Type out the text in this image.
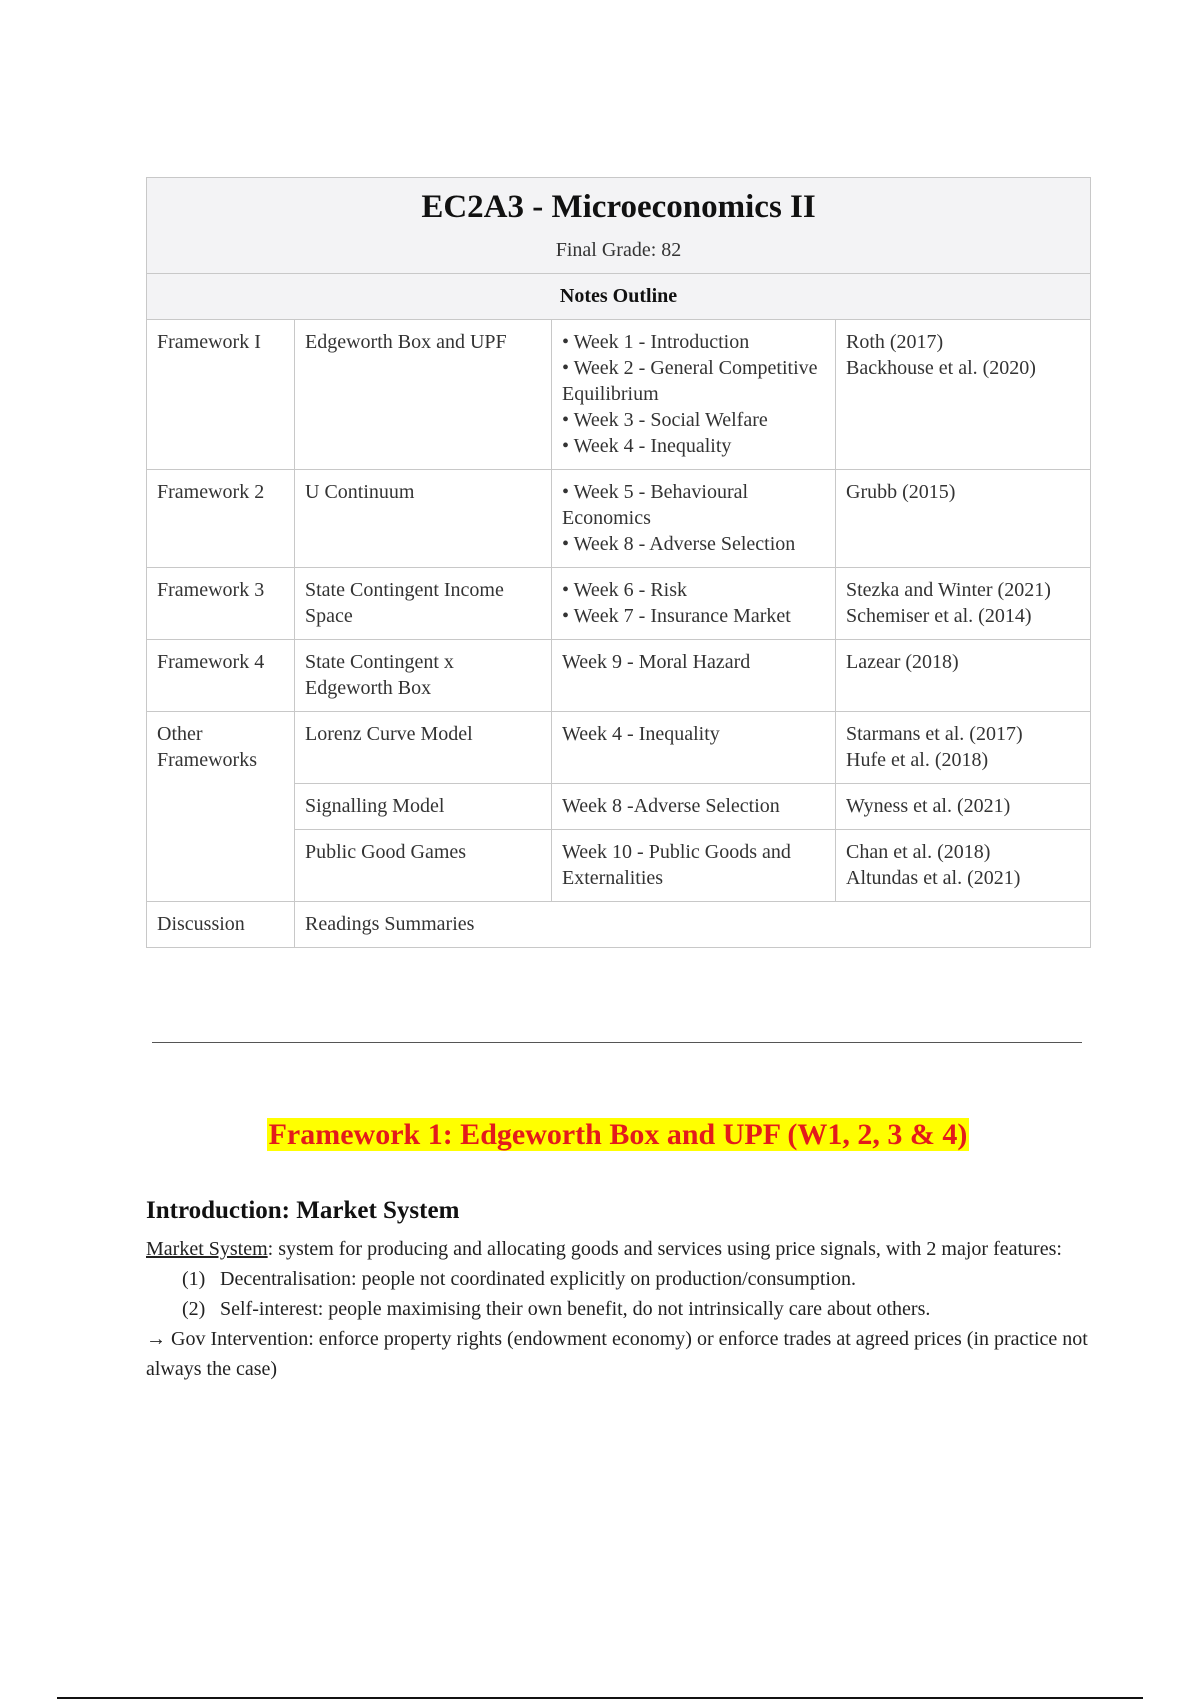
EC2A3 - Microeconomics II
Final Grade: 82			

Notes Outline			
Framework I	Edgeworth Box and UPF	• Week 1 - Introduction
• Week 2 - General Competitive Equilibrium
• Week 3 - Social Welfare
• Week 4 - Inequality	Roth (2017)
Backhouse et al. (2020)

Framework 2	U Continuum	• Week 5 - Behavioural Economics
• Week 8 - Adverse Selection	Grubb (2015)

Framework 3	State Contingent Income Space	• Week 6 - Risk
• Week 7 - Insurance Market	Stezka and Winter (2021)
Schemiser et al. (2014)

Framework 4	State Contingent x Edgeworth Box	Week 9 - Moral Hazard	Lazear (2018)

Other Frameworks	Lorenz Curve Model	Week 4 - Inequality	Starmans et al. (2017)
Hufe et al. (2018)

	Signalling Model	Week 8 -Adverse Selection	Wyness et al. (2021)

	Public Good Games	Week 10 - Public Goods and Externalities	Chan et al. (2018)
Altundas et al. (2021)

Discussion	Readings Summaries		
Framework 1: Edgeworth Box and UPF (W1, 2, 3 & 4)
Introduction: Market System
Market System: system for producing and allocating goods and services using price signals, with 2 major features:
(1) Decentralisation: people not coordinated explicitly on production/consumption.
(2) Self-interest: people maximising their own benefit, do not intrinsically care about others.
→ Gov Intervention: enforce property rights (endowment economy) or enforce trades at agreed prices (in practice not always the case)
